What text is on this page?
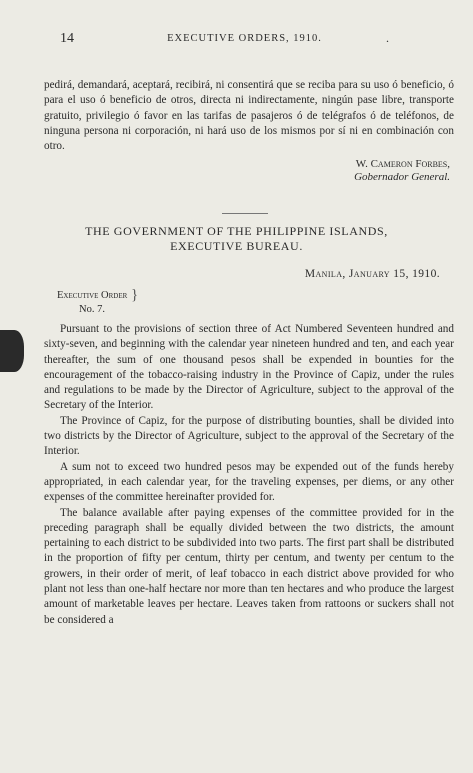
14	EXECUTIVE ORDERS, 1910.	.

pedirá, demandará, aceptará, recibirá, ni consentirá que se reciba para su uso ó beneficio, ó para el uso ó beneficio de otros, directa ni indirectamente, ningún pase libre, transporte gratuito, privilegio ó favor en las tarifas de pasajeros ó de telégrafos ó de teléfonos, de ninguna persona ni corporación, ni hará uso de los mismos por sí ni en combinación con otro.

W. Cameron Forbes,
Gobernador General.
THE GOVERNMENT OF THE PHILIPPINE ISLANDS,
EXECUTIVE BUREAU.
Manila, January 15, 1910.
Executive Order
No. 7.
}

Pursuant to the provisions of section three of Act Numbered Seventeen hundred and sixty-seven, and beginning with the calendar year nineteen hundred and ten, and each year thereafter, the sum of one thousand pesos shall be expended in bounties for the encouragement of the tobacco-raising industry in the Province of Capiz, under the rules and regulations to be made by the Director of Agriculture, subject to the approval of the Secretary of the Interior.

The Province of Capiz, for the purpose of distributing bounties, shall be divided into two districts by the Director of Agriculture, subject to the approval of the Secretary of the Interior.

A sum not to exceed two hundred pesos may be expended out of the funds hereby appropriated, in each calendar year, for the traveling expenses, per diems, or any other expenses of the committee hereinafter provided for.

The balance available after paying expenses of the committee provided for in the preceding paragraph shall be equally divided between the two districts, the amount pertaining to each district to be subdivided into two parts. The first part shall be distributed in the proportion of fifty per centum, thirty per centum, and twenty per centum to the growers, in their order of merit, of leaf tobacco in each district above provided for who plant not less than one-half hectare nor more than ten hectares and who produce the largest amount of marketable leaves per hectare. Leaves taken from rattoons or suckers shall not be considered a
